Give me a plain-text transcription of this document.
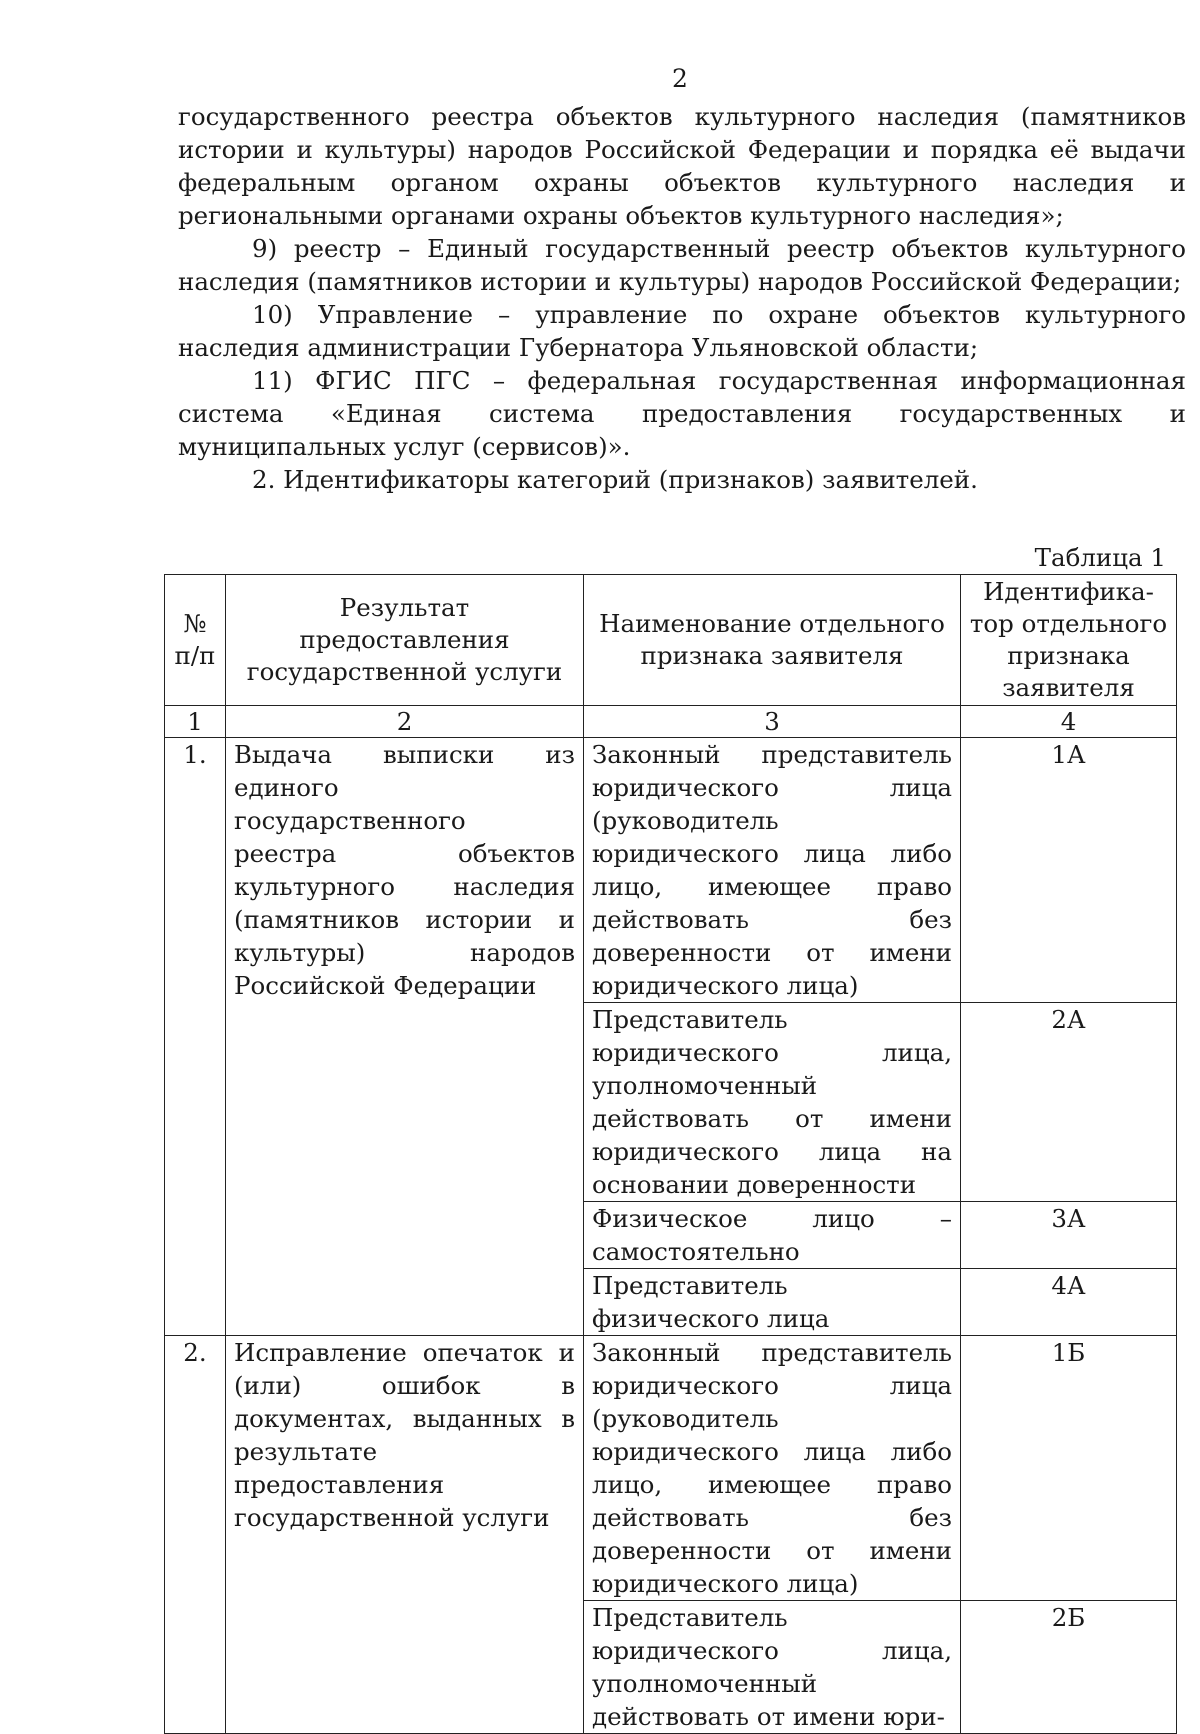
2

государственного реестра объектов культурного наследия (памятников истории и культуры) народов Российской Федерации и порядка её выдачи федеральным органом охраны объектов культурного наследия и региональными органами охраны объектов культурного наследия»;

9) реестр – Единый государственный реестр объектов культурного наследия (памятников истории и культуры) народов Российской Федерации;

10) Управление – управление по охране объектов культурного наследия администрации Губернатора Ульяновской области;

11) ФГИС ПГС – федеральная государственная информационная система «Единая система предоставления государственных и муниципальных услуг (сервисов)».

2. Идентификаторы категорий (признаков) заявителей.

Таблица 1
№ п/п	Результат предоставления государственной услуги	Наименование отдельного признака заявителя	Идентифика-тор отдельного признака заявителя
1	2	3	4
1.	Выдача выписки из единого государственного реестра объектов культурного наследия (памятников истории и культуры) народов Российской Федерации	Законный представитель юридического лица (руководитель юридического лица либо лицо, имеющее право действовать без доверенности от имени юридического лица)	1А
		Представитель юридического лица, уполномоченный действовать от имени юридического лица на основании доверенности	2А
		Физическое лицо – самостоятельно	3А
		Представитель физического лица	4А
2.	Исправление опечаток и (или) ошибок в документах, выданных в результате предоставления государственной услуги	Законный представитель юридического лица (руководитель юридического лица либо лицо, имеющее право действовать без доверенности от имени юридического лица)	1Б
		Представитель юридического лица, уполномоченный действовать от имени юри-	2Б
